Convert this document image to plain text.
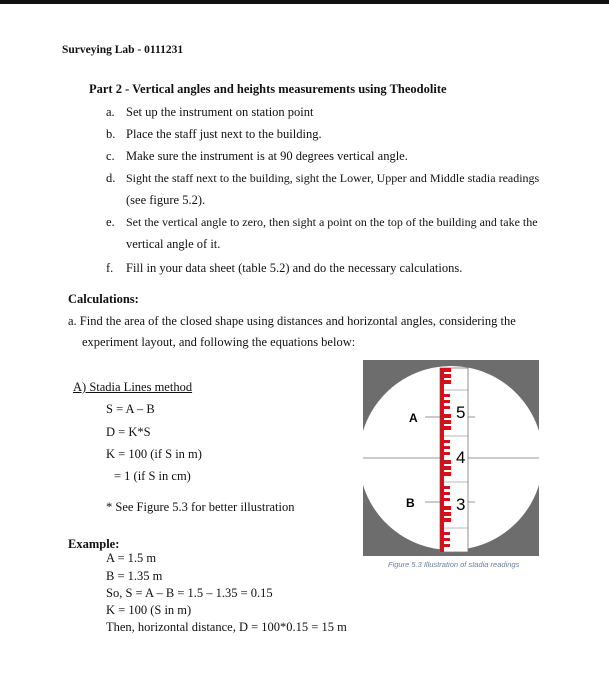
Surveying Lab - 0111231
Part 2 - Vertical angles and heights measurements using Theodolite
a. Set up the instrument on station point
b. Place the staff just next to the building.
c. Make sure the instrument is at 90 degrees vertical angle.
d. Sight the staff next to the building, sight the Lower, Upper and Middle stadia readings
(see figure 5.2).
e. Set the vertical angle to zero, then sight a point on the top of the building and take the
vertical angle of it.
f. Fill in your data sheet (table 5.2) and do the necessary calculations.
Calculations:
a. Find the area of the closed shape using distances and horizontal angles, considering the
experiment layout, and following the equations below:
A) Stadia Lines method
S = A – B
D = K*S
K = 100 (if S in m)
= 1 (if S in cm)
* See Figure 5.3 for better illustration
Example:
A = 1.5 m
B = 1.35 m
So, S = A – B = 1.5 – 1.35 = 0.15
K = 100 (S in m)
Then, horizontal distance, D = 100*0.15 = 15 m
A
B
5
4
3
Figure 5.3 Illustration of stadia readings
